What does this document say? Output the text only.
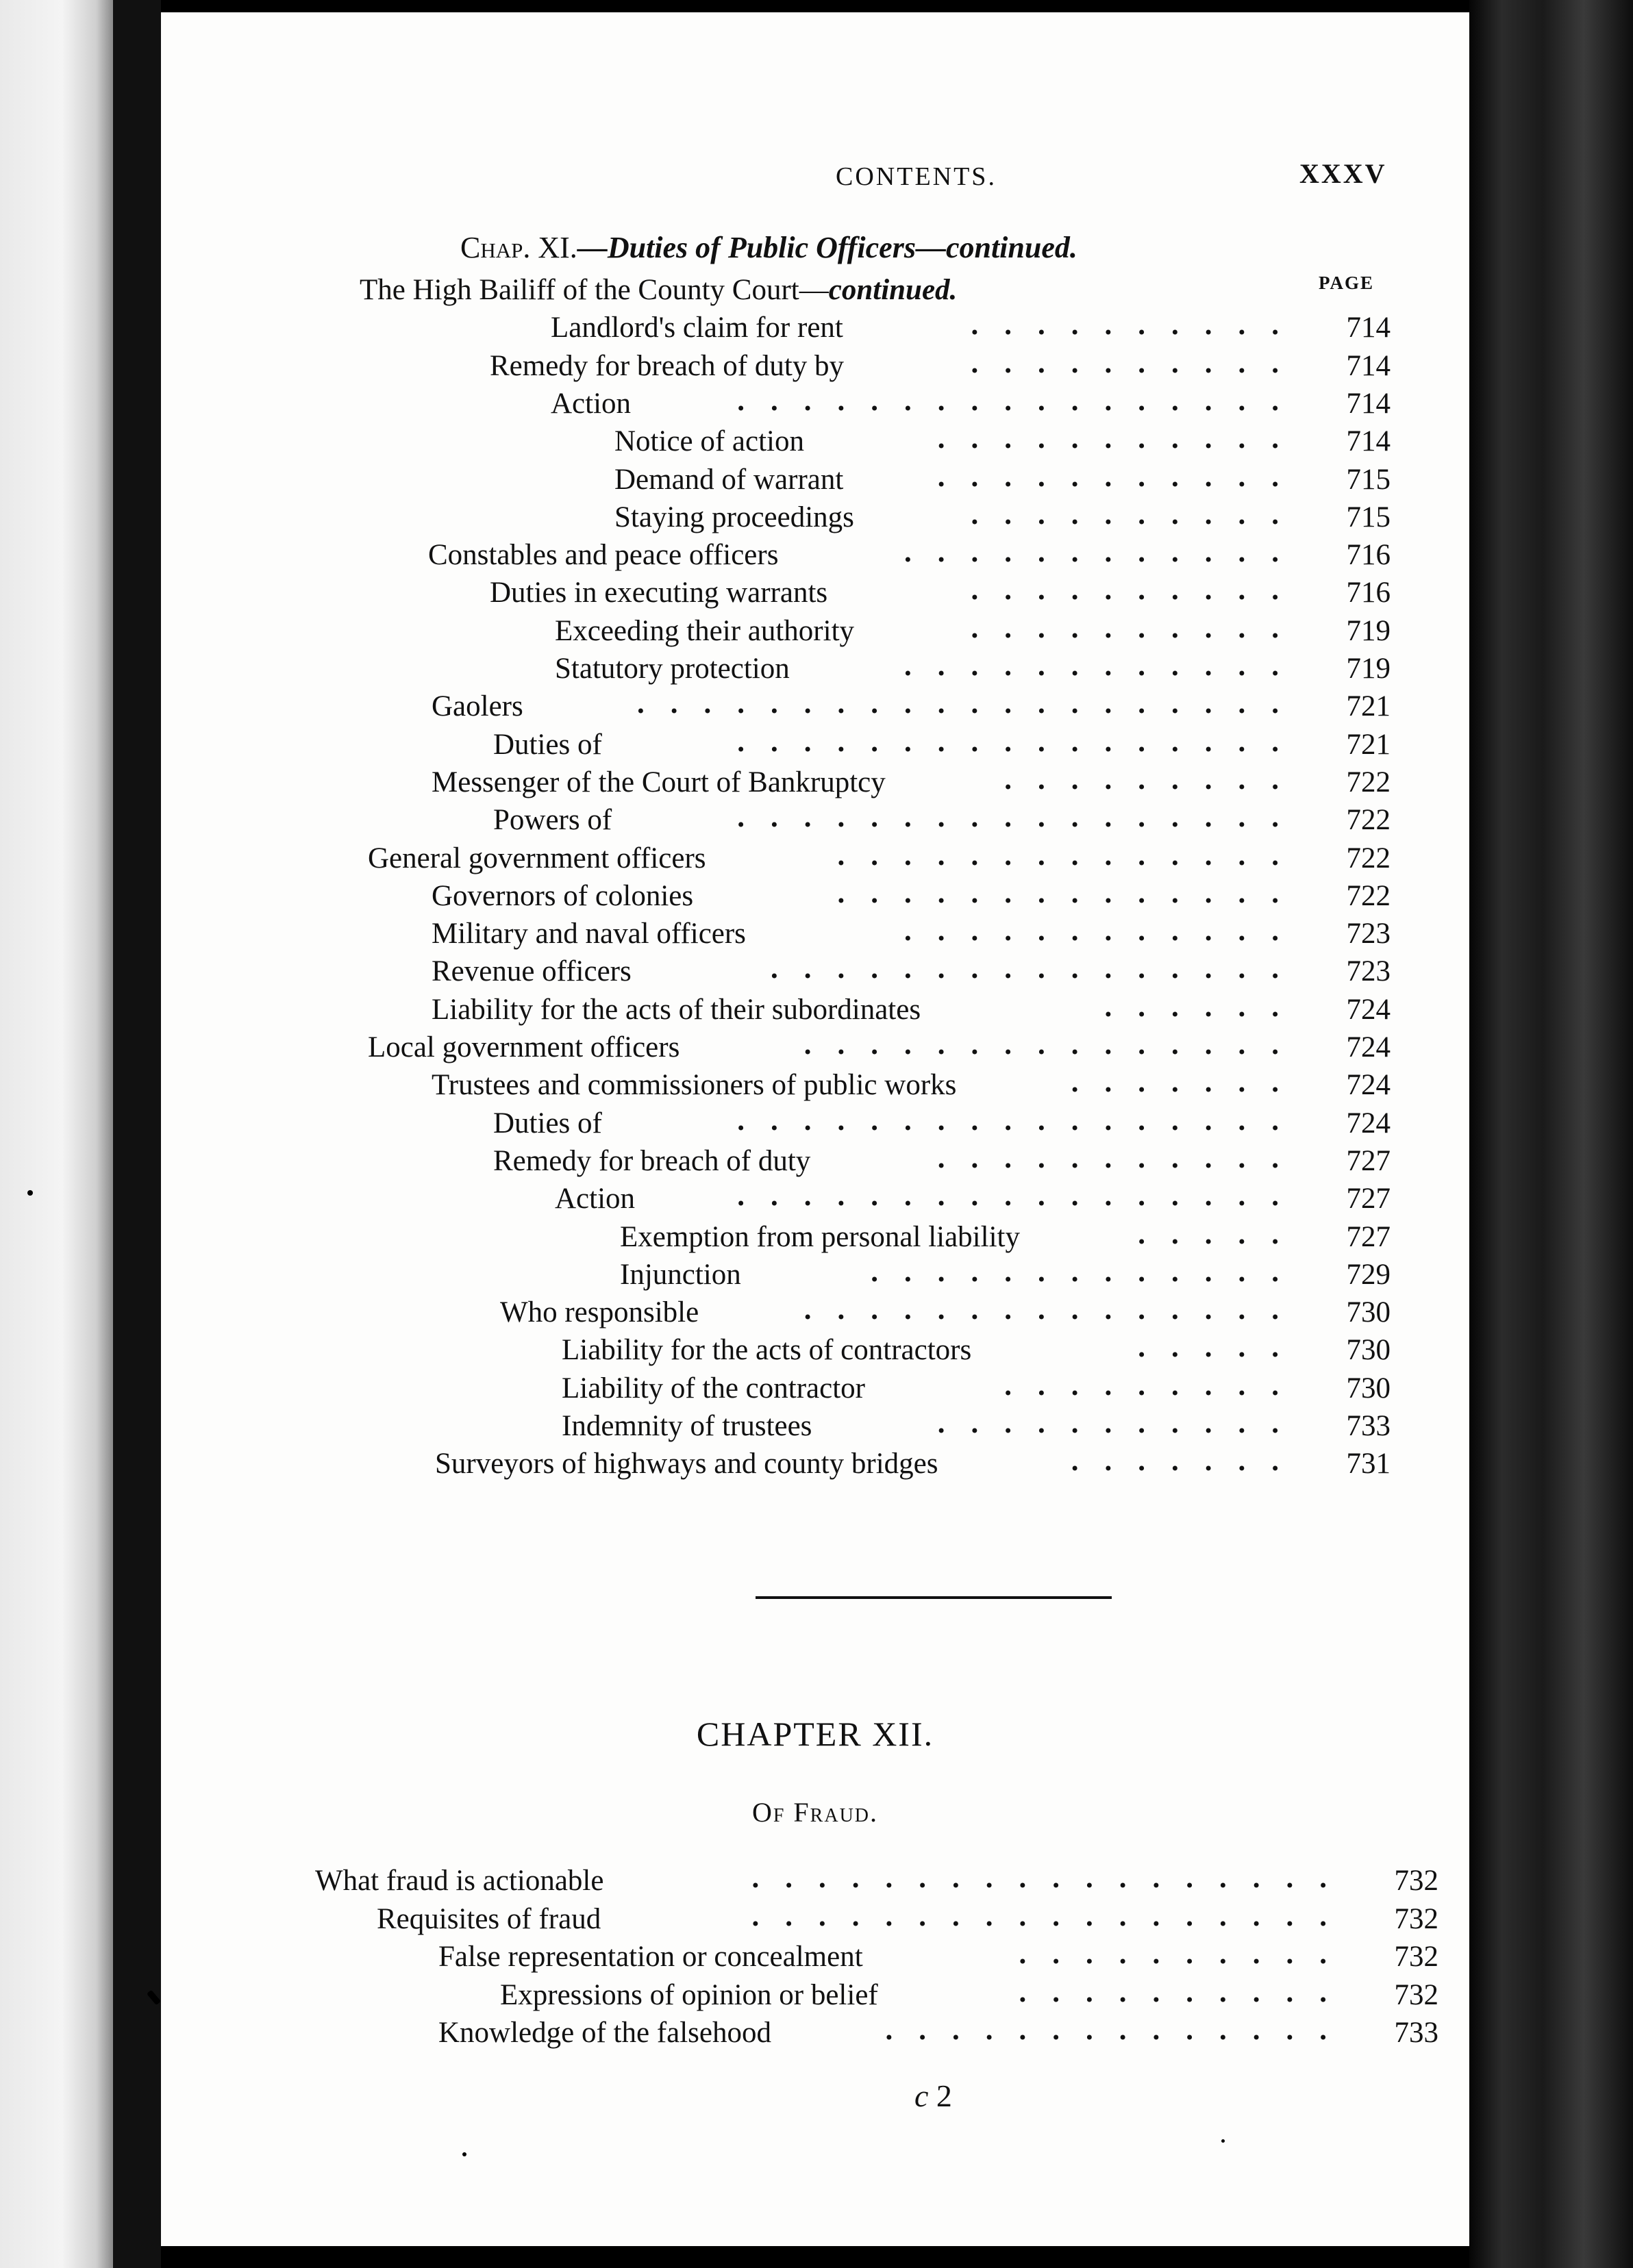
CONTENTS.	XXXV
Chap. XI.—Duties of Public Officers—continued.
PAGE
The High Bailiff of the County Court—continued.
Landlord's claim for rent	..........	714
Remedy for breach of duty by	..........	714
Action	.................	714
Notice of action	...........	714
Demand of warrant	...........	715
Staying proceedings	..........	715
Constables and peace officers	............	716
Duties in executing warrants	..........	716
Exceeding their authority	..........	719
Statutory protection	............	719
Gaolers	....................	721
Duties of	.................	721
Messenger of the Court of Bankruptcy	.........	722
Powers of	.................	722
General government officers	..............	722
Governors of colonies	..............	722
Military and naval officers	............	723
Revenue officers	................	723
Liability for the acts of their subordinates	......	724
Local government officers	...............	724
Trustees and commissioners of public works	.......	724
Duties of	.................	724
Remedy for breach of duty	...........	727
Action	.................	727
Exemption from personal liability	.....	727
Injunction	.............	729
Who responsible	...............	730
Liability for the acts of contractors	.....	730
Liability of the contractor	.........	730
Indemnity of trustees	...........	733
Surveyors of highways and county bridges	.......	731
CHAPTER XII.
Of Fraud.
What fraud is actionable	..................	732
Requisites of fraud	..................	732
False representation or concealment	..........	732
Expressions of opinion or belief	..........	732
Knowledge of the falsehood	..............	733
c 2
